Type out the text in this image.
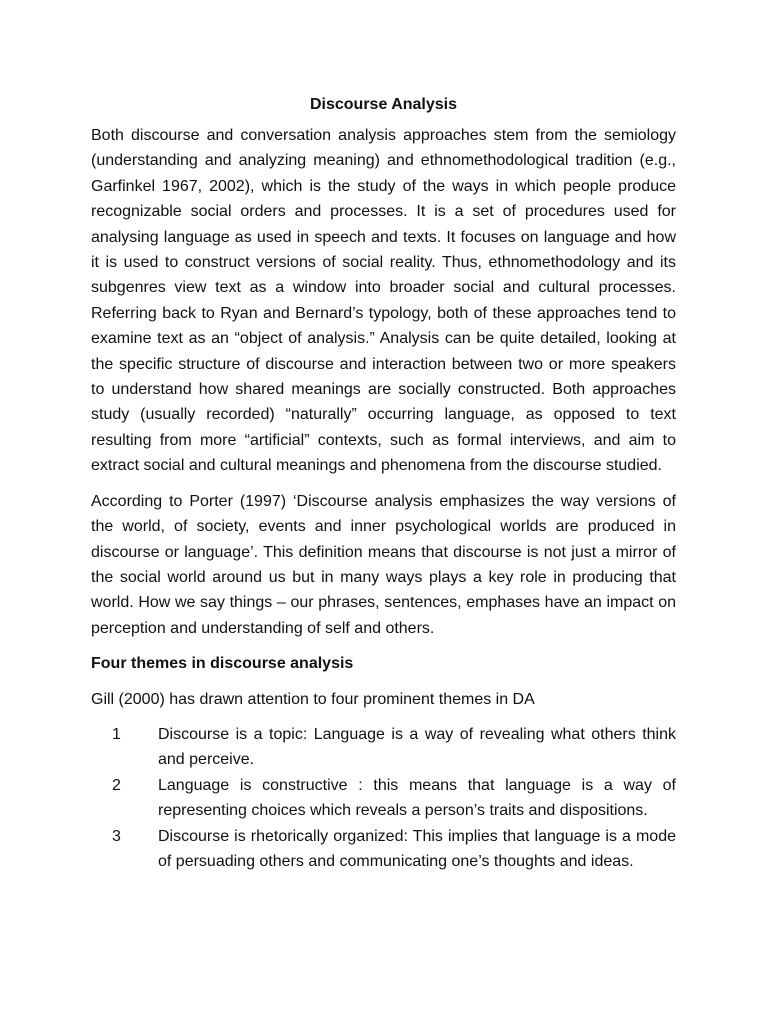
Discourse Analysis

Both discourse and conversation analysis approaches stem from the semiology (understanding and analyzing meaning) and ethnomethodological tradition (e.g., Garfinkel 1967, 2002), which is the study of the ways in which people produce recognizable social orders and processes. It is a set of procedures used for analysing language as used in speech and texts. It focuses on language and how it is used to construct versions of social reality. Thus, ethnomethodology and its subgenres view text as a window into broader social and cultural processes. Referring back to Ryan and Bernard’s typology, both of these approaches tend to examine text as an “object of analysis.” Analysis can be quite detailed, looking at the specific structure of discourse and interaction between two or more speakers to understand how shared meanings are socially constructed. Both approaches study (usually recorded) “naturally” occurring language, as opposed to text resulting from more “artificial” contexts, such as formal interviews, and aim to extract social and cultural meanings and phenomena from the discourse studied.

According to Porter (1997) ‘Discourse analysis emphasizes the way versions of the world, of society, events and inner psychological worlds are produced in discourse or language’. This definition means that discourse is not just a mirror of the social world around us but in many ways plays a key role in producing that world. How we say things – our phrases, sentences, emphases have an impact on perception and understanding of self and others.

Four themes in discourse analysis
Gill (2000) has drawn attention to four prominent themes in DA
1	Discourse is a topic: Language is a way of revealing what others think and perceive.
2	Language is constructive : this means that language is a way of representing choices which reveals a person’s traits and dispositions.
3	Discourse is rhetorically organized: This implies that language is a mode of persuading others and communicating one’s thoughts and ideas.
